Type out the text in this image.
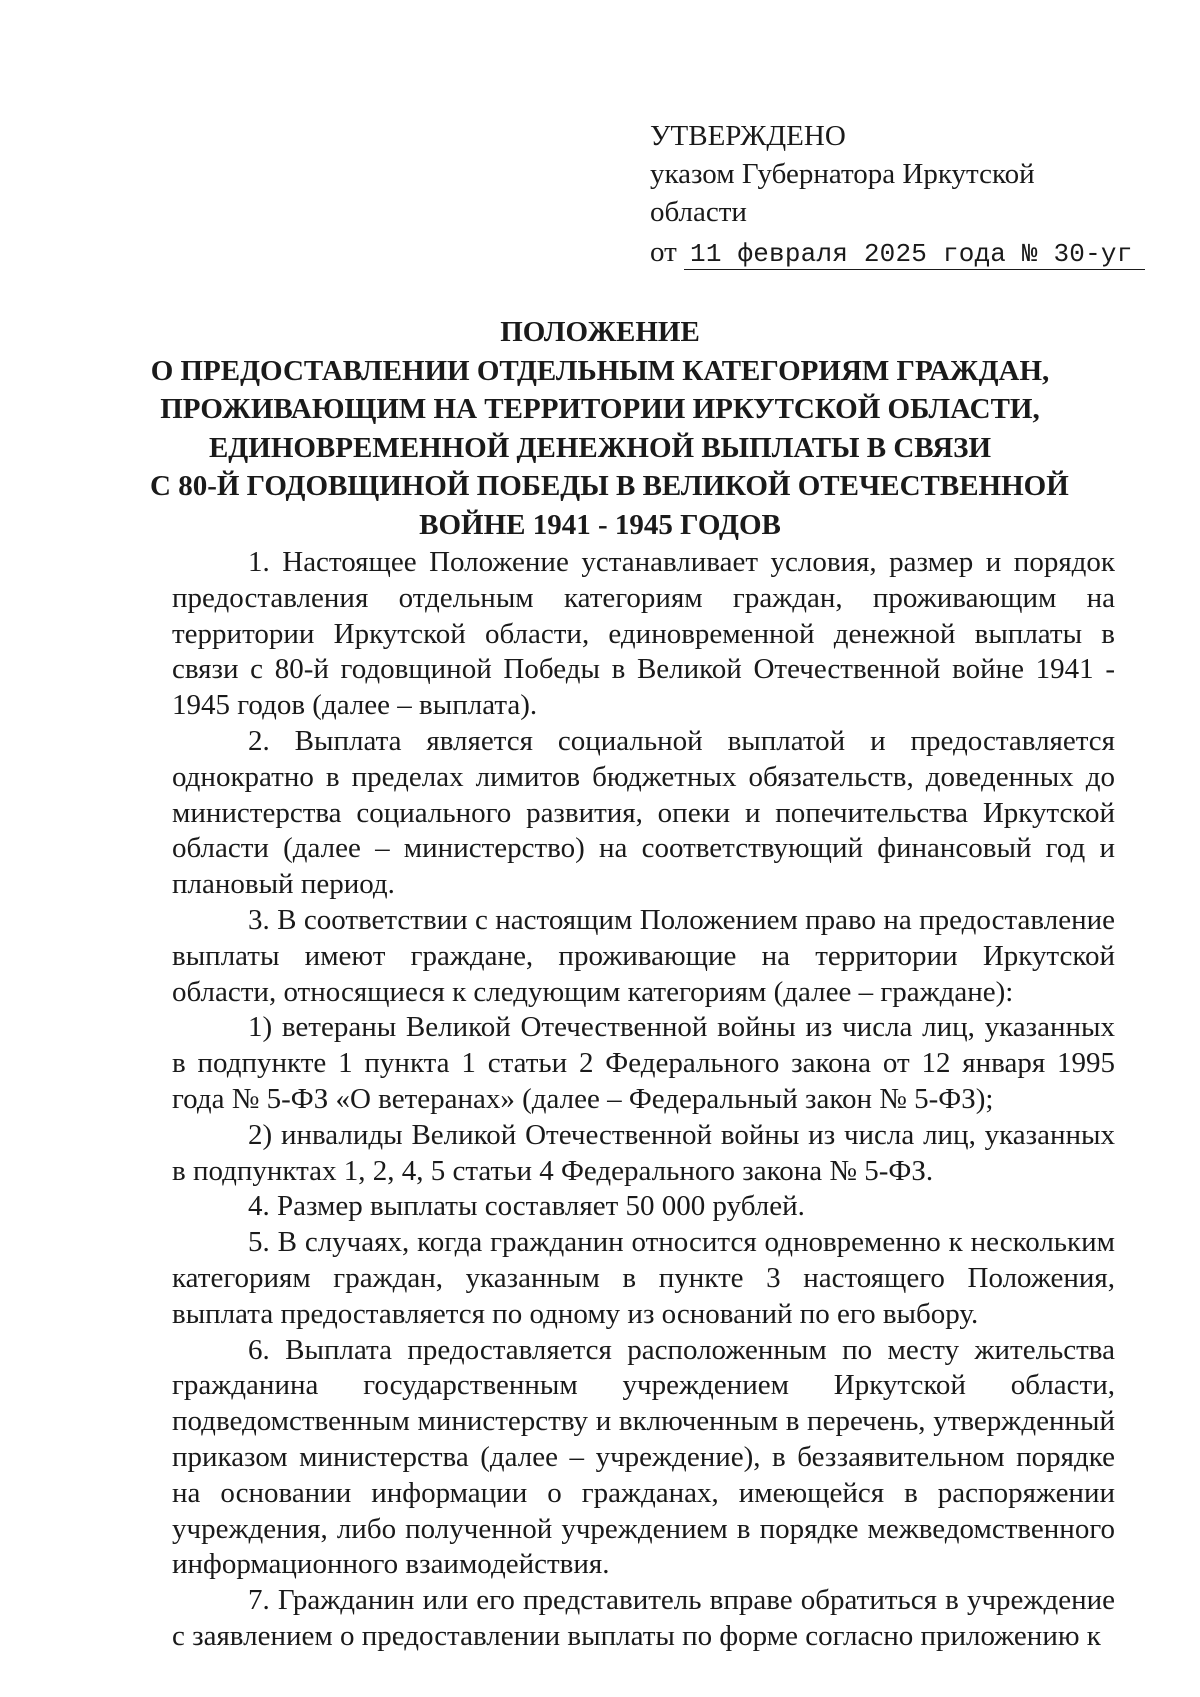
УТВЕРЖДЕНО
указом Губернатора Иркутской
области
от 11 февраля 2025 года № 30-уг
ПОЛОЖЕНИЕ
О ПРЕДОСТАВЛЕНИИ ОТДЕЛЬНЫМ КАТЕГОРИЯМ ГРАЖДАН,
ПРОЖИВАЮЩИМ НА ТЕРРИТОРИИ ИРКУТСКОЙ ОБЛАСТИ,
ЕДИНОВРЕМЕННОЙ ДЕНЕЖНОЙ ВЫПЛАТЫ В СВЯЗИ
С 80-Й ГОДОВЩИНОЙ ПОБЕДЫ В ВЕЛИКОЙ ОТЕЧЕСТВЕННОЙ
ВОЙНЕ 1941 - 1945 ГОДОВ

1. Настоящее Положение устанавливает условия, размер и порядок предоставления отдельным категориям граждан, проживающим на территории Иркутской области, единовременной денежной выплаты в связи с 80-й годовщиной Победы в Великой Отечественной войне 1941 - 1945 годов (далее – выплата).

2. Выплата является социальной выплатой и предоставляется однократно в пределах лимитов бюджетных обязательств, доведенных до министерства социального развития, опеки и попечительства Иркутской области (далее – министерство) на соответствующий финансовый год и плановый период.

3. В соответствии с настоящим Положением право на предоставление выплаты имеют граждане, проживающие на территории Иркутской области, относящиеся к следующим категориям (далее – граждане):

1) ветераны Великой Отечественной войны из числа лиц, указанных в подпункте 1 пункта 1 статьи 2 Федерального закона от 12 января 1995 года № 5-ФЗ «О ветеранах» (далее – Федеральный закон № 5-ФЗ);

2) инвалиды Великой Отечественной войны из числа лиц, указанных в подпунктах 1, 2, 4, 5 статьи 4 Федерального закона № 5-ФЗ.

4. Размер выплаты составляет 50 000 рублей.

5. В случаях, когда гражданин относится одновременно к нескольким категориям граждан, указанным в пункте 3 настоящего Положения, выплата предоставляется по одному из оснований по его выбору.

6. Выплата предоставляется расположенным по месту жительства гражданина государственным учреждением Иркутской области, подведомственным министерству и включенным в перечень, утвержденный приказом министерства (далее – учреждение), в беззаявительном порядке на основании информации о гражданах, имеющейся в распоряжении учреждения, либо полученной учреждением в порядке межведомственного информационного взаимодействия.

7. Гражданин или его представитель вправе обратиться в учреждение с заявлением о предоставлении выплаты по форме согласно приложению к
